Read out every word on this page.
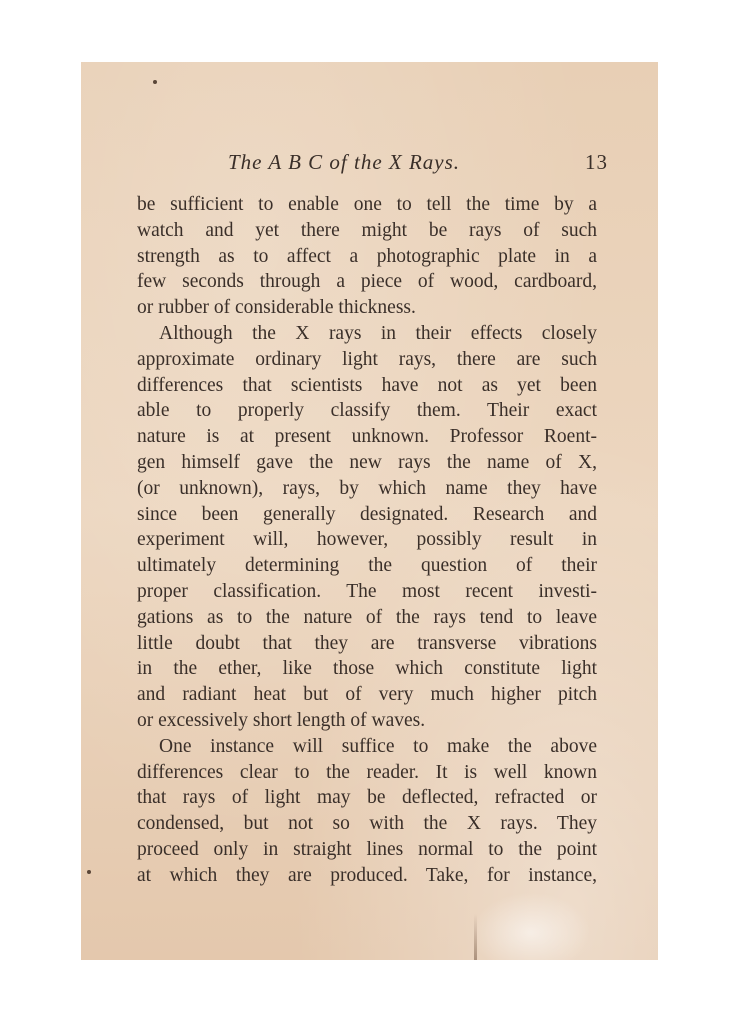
The A B C of the X Rays.	13
be sufficient to enable one to tell the time by a
watch and yet there might be rays of such
strength as to affect a photographic plate in a
few seconds through a piece of wood, cardboard,
or rubber of considerable thickness.
Although the X rays in their effects closely
approximate ordinary light rays, there are such
differences that scientists have not as yet been
able to properly classify them. Their exact
nature is at present unknown. Professor Roent-
gen himself gave the new rays the name of X,
(or unknown), rays, by which name they have
since been generally designated. Research and
experiment will, however, possibly result in
ultimately determining the question of their
proper classification. The most recent investi-
gations as to the nature of the rays tend to leave
little doubt that they are transverse vibrations
in the ether, like those which constitute light
and radiant heat but of very much higher pitch
or excessively short length of waves.
One instance will suffice to make the above
differences clear to the reader. It is well known
that rays of light may be deflected, refracted or
condensed, but not so with the X rays. They
proceed only in straight lines normal to the point
at which they are produced. Take, for instance,
